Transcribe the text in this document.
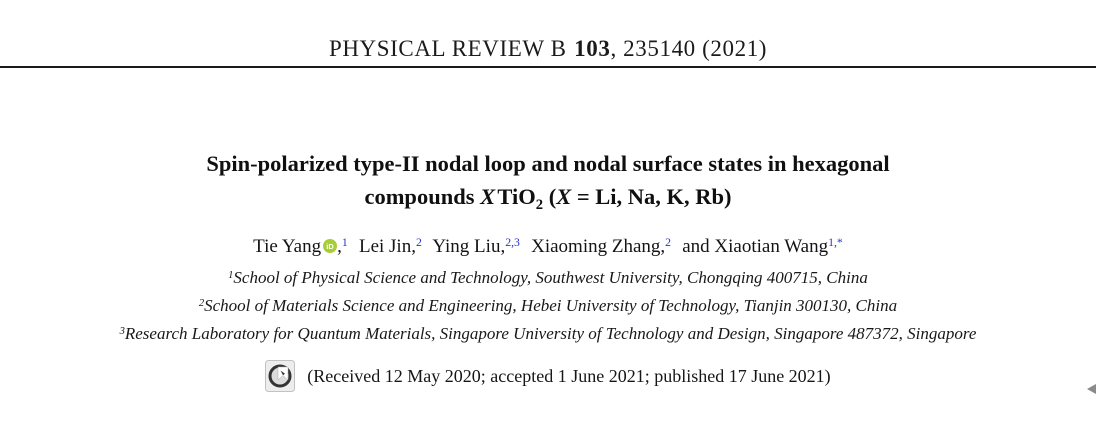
PHYSICAL REVIEW B 103, 235140 (2021)
Spin-polarized type-II nodal loop and nodal surface states in hexagonal
compounds X TiO$_2$ (X = Li, Na, K, Rb)
Tie Yang iD ,$^1$ Lei Jin,$^2$ Ying Liu,$^{2,3}$ Xiaoming Zhang,$^2$ and Xiaotian Wang$^{1,*}$
$^1$School of Physical Science and Technology, Southwest University, Chongqing 400715, China
$^2$School of Materials Science and Engineering, Hebei University of Technology, Tianjin 300130, China
$^3$Research Laboratory for Quantum Materials, Singapore University of Technology and Design, Singapore 487372, Singapore
(Received 12 May 2020; accepted 1 June 2021; published 17 June 2021)
